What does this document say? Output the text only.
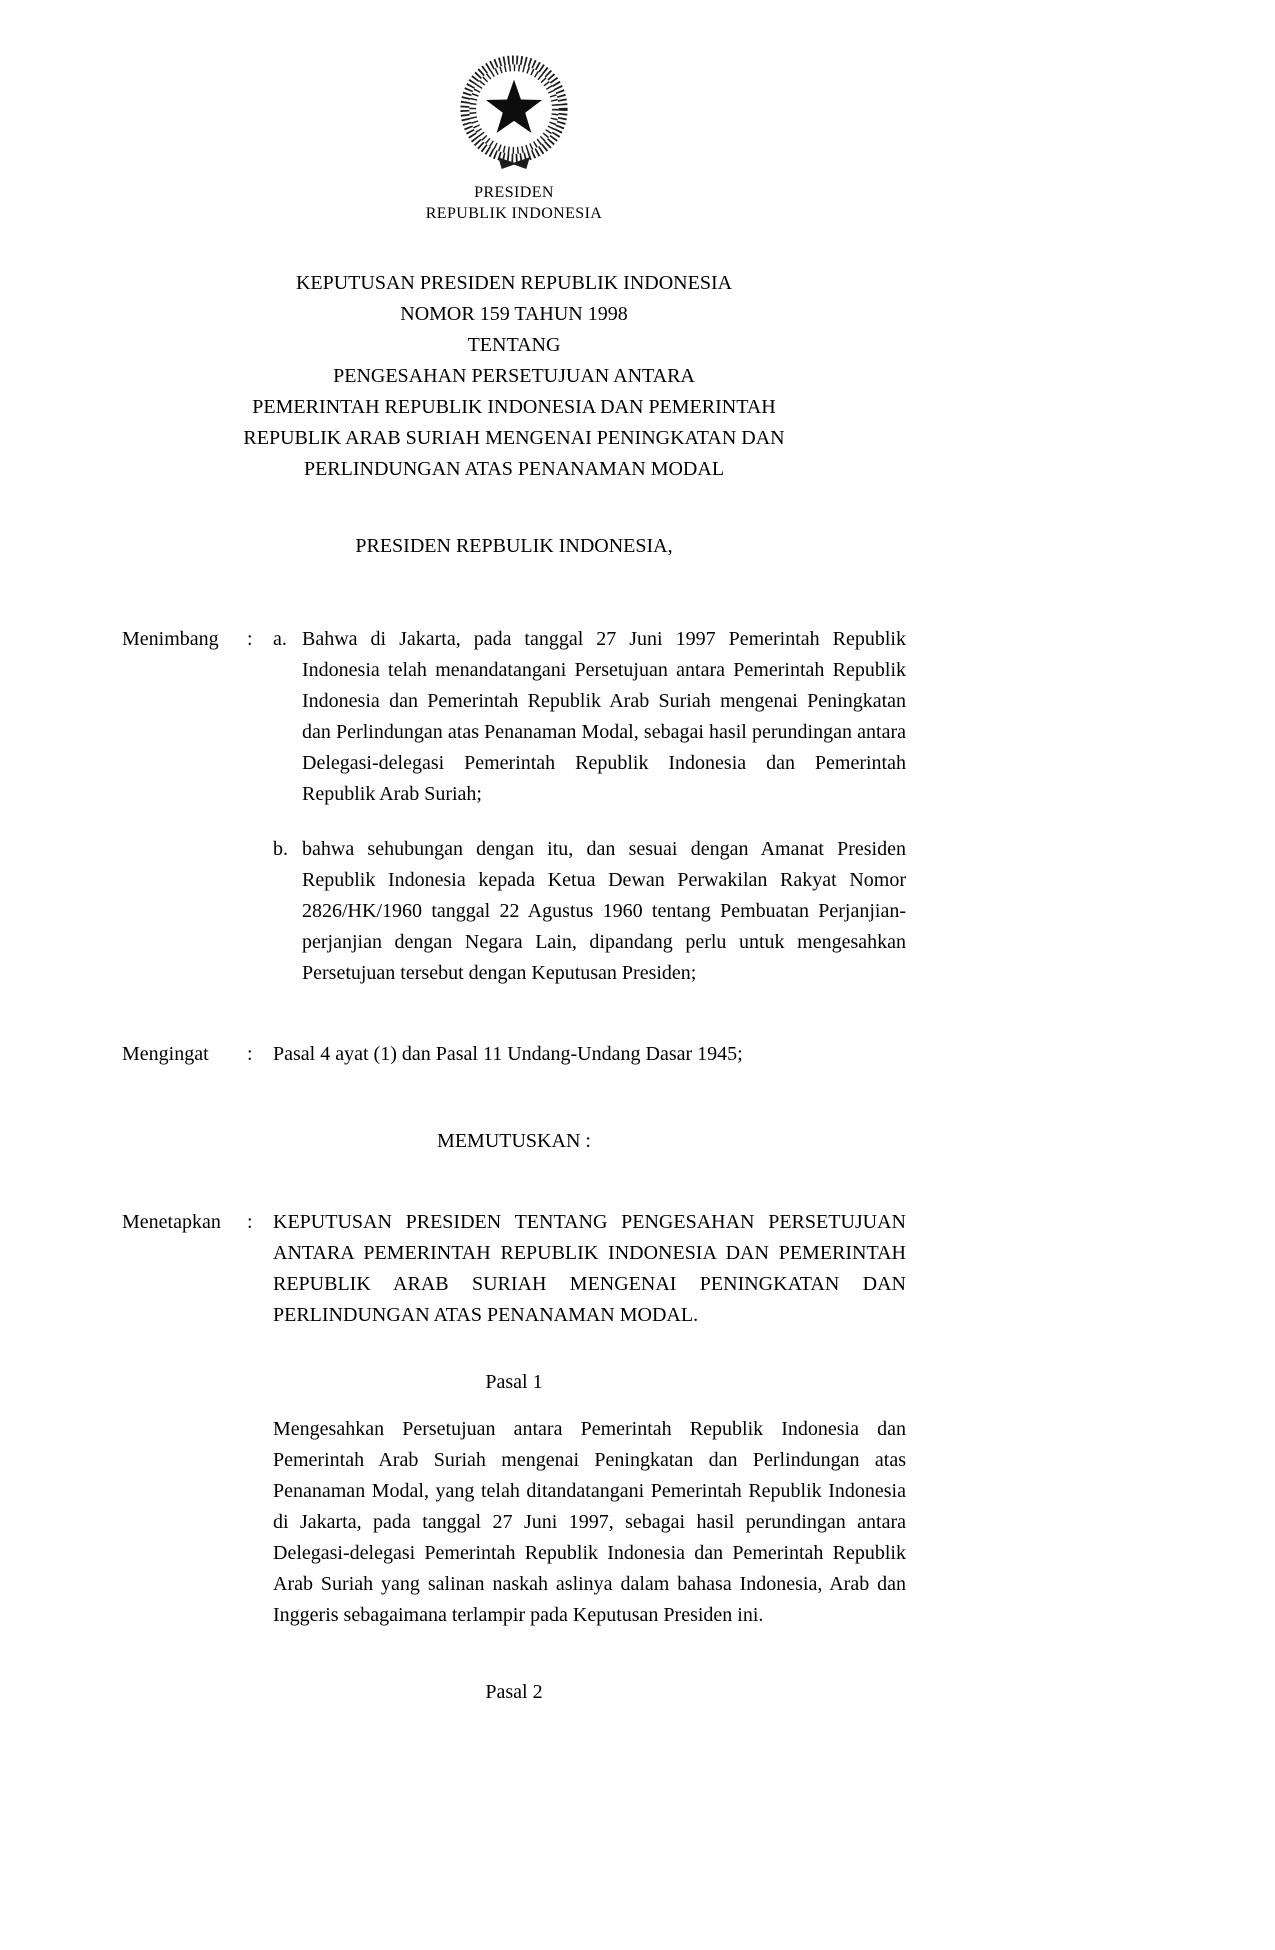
PRESIDEN
REPUBLIK INDONESIA
KEPUTUSAN PRESIDEN REPUBLIK INDONESIA
NOMOR 159 TAHUN 1998
TENTANG
PENGESAHAN PERSETUJUAN ANTARA
PEMERINTAH REPUBLIK INDONESIA DAN PEMERINTAH
REPUBLIK ARAB SURIAH MENGENAI PENINGKATAN DAN
PERLINDUNGAN ATAS PENANAMAN MODAL
PRESIDEN REPBULIK INDONESIA,
Menimbang	:	a. Bahwa di Jakarta, pada tanggal 27 Juni 1997 Pemerintah Republik Indonesia telah menandatangani Persetujuan antara Pemerintah Republik Indonesia dan Pemerintah Republik Arab Suriah mengenai Peningkatan dan Perlindungan atas Penanaman Modal, sebagai hasil perundingan antara Delegasi-delegasi Pemerintah Republik Indonesia dan Pemerintah Republik Arab Suriah;
b. bahwa sehubungan dengan itu, dan sesuai dengan Amanat Presiden Republik Indonesia kepada Ketua Dewan Perwakilan Rakyat Nomor 2826/HK/1960 tanggal 22 Agustus 1960 tentang Pembuatan Perjanjian-perjanjian dengan Negara Lain, dipandang perlu untuk mengesahkan Persetujuan tersebut dengan Keputusan Presiden;
Mengingat	:	Pasal 4 ayat (1) dan Pasal 11 Undang-Undang Dasar 1945;
MEMUTUSKAN :
Menetapkan	:	KEPUTUSAN PRESIDEN TENTANG PENGESAHAN PERSETUJUAN ANTARA PEMERINTAH REPUBLIK INDONESIA DAN PEMERINTAH REPUBLIK ARAB SURIAH MENGENAI PENINGKATAN DAN PERLINDUNGAN ATAS PENANAMAN MODAL.
Pasal 1
Mengesahkan Persetujuan antara Pemerintah Republik Indonesia dan Pemerintah Arab Suriah mengenai Peningkatan dan Perlindungan atas Penanaman Modal, yang telah ditandatangani Pemerintah Republik Indonesia di Jakarta, pada tanggal 27 Juni 1997, sebagai hasil perundingan antara Delegasi-delegasi Pemerintah Republik Indonesia dan Pemerintah Republik Arab Suriah yang salinan naskah aslinya dalam bahasa Indonesia, Arab dan Inggeris sebagaimana terlampir pada Keputusan Presiden ini.
Pasal 2
